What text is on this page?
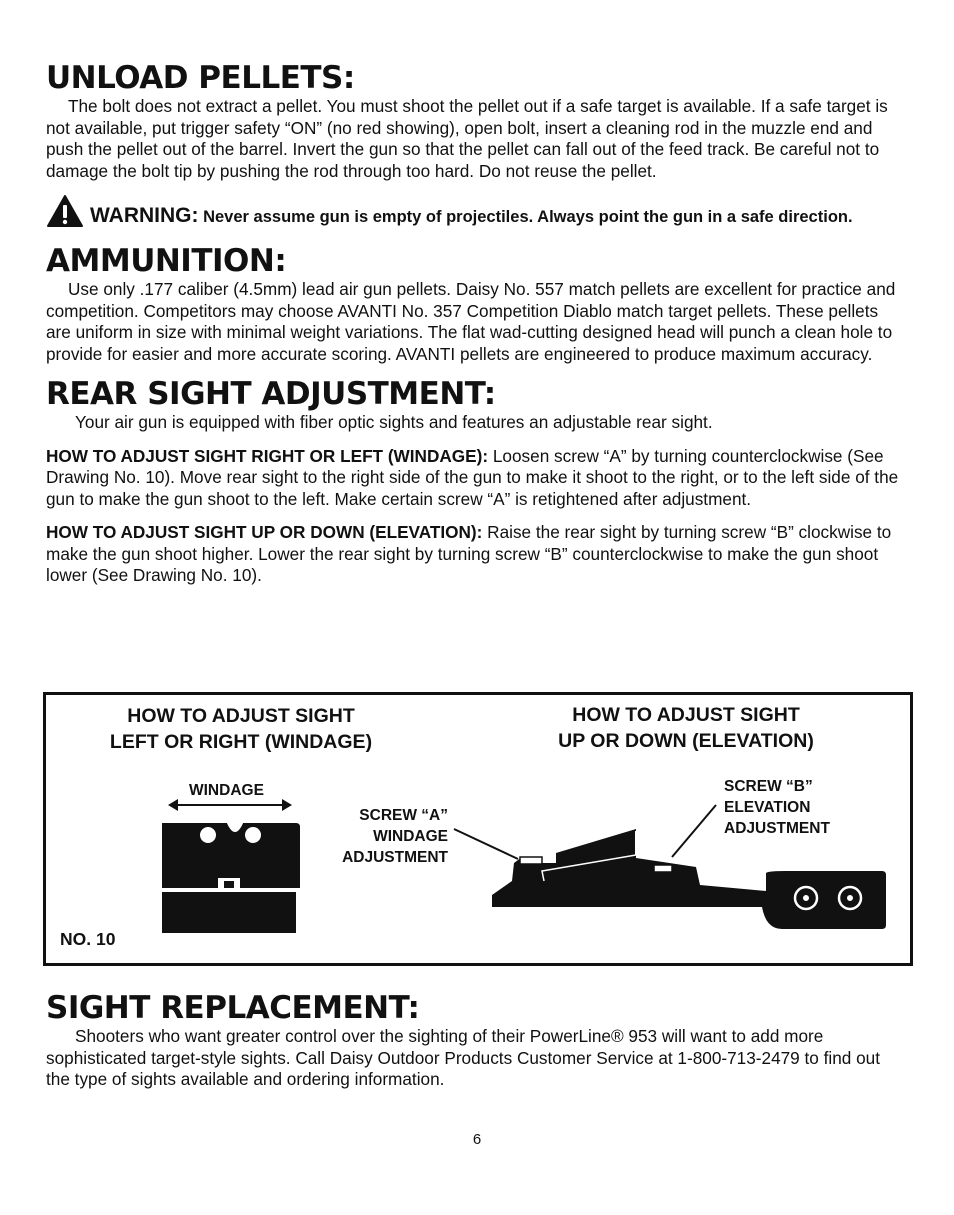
UNLOAD PELLETS:

The bolt does not extract a pellet. You must shoot the pellet out if a safe target is available. If a safe target is not available, put trigger safety “ON” (no red showing), open bolt, insert a cleaning rod in the muzzle end and push the pellet out of the barrel. Invert the gun so that the pellet can fall out of the feed track. Be careful not to damage the bolt tip by pushing the rod through too hard. Do not reuse the pellet.

WARNING: Never assume gun is empty of projectiles. Always point the gun in a safe direction.
AMMUNITION:

Use only .177 caliber (4.5mm) lead air gun pellets. Daisy No. 557 match pellets are excellent for practice and competition. Competitors may choose AVANTI No. 357 Competition Diablo match target pellets. These pellets are uniform in size with minimal weight variations. The flat wad-cutting designed head will punch a clean hole to provide for easier and more accurate scoring. AVANTI pellets are engineered to produce maximum accuracy.

REAR SIGHT ADJUSTMENT:

Your air gun is equipped with fiber optic sights and features an adjustable rear sight.

HOW TO ADJUST SIGHT RIGHT OR LEFT (WINDAGE): Loosen screw “A” by turning counterclockwise (See Drawing No. 10). Move rear sight to the right side of the gun to make it shoot to the right, or to the left side of the gun to make the gun shoot to the left. Make certain screw “A” is retightened after adjustment.

HOW TO ADJUST SIGHT UP OR DOWN (ELEVATION): Raise the rear sight by turning screw “B” clockwise to make the gun shoot higher. Lower the rear sight by turning screw “B” counterclockwise to make the gun shoot lower (See Drawing No. 10).

HOW TO ADJUST SIGHT
LEFT OR RIGHT (WINDAGE)
HOW TO ADJUST SIGHT
UP OR DOWN (ELEVATION)
WINDAGE
SCREW “A”
WINDAGE
ADJUSTMENT
SCREW “B”
ELEVATION
ADJUSTMENT
NO. 10
SIGHT REPLACEMENT:

Shooters who want greater control over the sighting of their PowerLine® 953 will want to add more sophisticated target-style sights. Call Daisy Outdoor Products Customer Service at 1-800-713-2479 to find out the type of sights available and ordering information.

6
